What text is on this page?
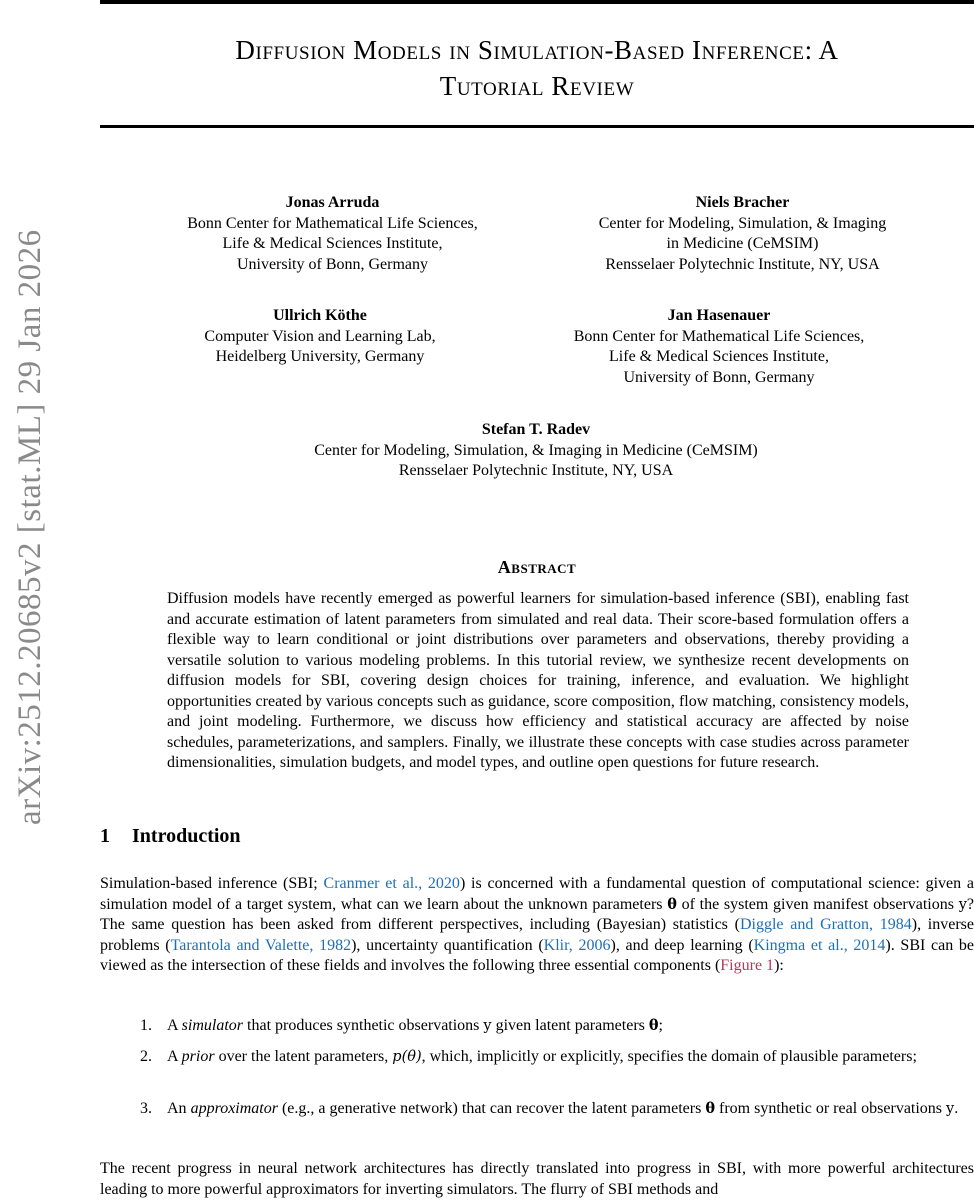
arXiv:2512.20685v2 [stat.ML] 29 Jan 2026
Diffusion Models in Simulation-Based Inference: A
Tutorial Review
Jonas Arruda
Bonn Center for Mathematical Life Sciences,
Life & Medical Sciences Institute,
University of Bonn, Germany
Niels Bracher
Center for Modeling, Simulation, & Imaging
in Medicine (CeMSIM)
Rensselaer Polytechnic Institute, NY, USA
Ullrich Köthe
Computer Vision and Learning Lab,
Heidelberg University, Germany
Jan Hasenauer
Bonn Center for Mathematical Life Sciences,
Life & Medical Sciences Institute,
University of Bonn, Germany
Stefan T. Radev
Center for Modeling, Simulation, & Imaging in Medicine (CeMSIM)
Rensselaer Polytechnic Institute, NY, USA
Abstract
Diffusion models have recently emerged as powerful learners for simulation-based inference (SBI), enabling fast and accurate estimation of latent parameters from simulated and real data. Their score-based formulation offers a flexible way to learn conditional or joint distributions over parameters and observations, thereby providing a versatile solution to various modeling problems. In this tutorial review, we synthesize recent developments on diffusion models for SBI, covering design choices for training, inference, and evaluation. We highlight opportunities created by various concepts such as guidance, score composition, flow matching, consistency models, and joint modeling. Furthermore, we discuss how efficiency and statistical accuracy are affected by noise schedules, parameterizations, and samplers. Finally, we illustrate these concepts with case studies across parameter dimensionalities, simulation budgets, and model types, and outline open questions for future research.
1 Introduction
Simulation-based inference (SBI; Cranmer et al., 2020) is concerned with a fundamental question of computational science: given a simulation model of a target system, what can we learn about the unknown parameters θ of the system given manifest observations y? The same question has been asked from different perspectives, including (Bayesian) statistics (Diggle and Gratton, 1984), inverse problems (Tarantola and Valette, 1982), uncertainty quantification (Klir, 2006), and deep learning (Kingma et al., 2014). SBI can be viewed as the intersection of these fields and involves the following three essential components (Figure 1):
1. A simulator that produces synthetic observations y given latent parameters θ;
2. A prior over the latent parameters, p(θ), which, implicitly or explicitly, specifies the domain of plausible parameters;
3. An approximator (e.g., a generative network) that can recover the latent parameters θ from synthetic or real observations y.
The recent progress in neural network architectures has directly translated into progress in SBI, with more powerful architectures leading to more powerful approximators for inverting simulators. The flurry of SBI methods and
